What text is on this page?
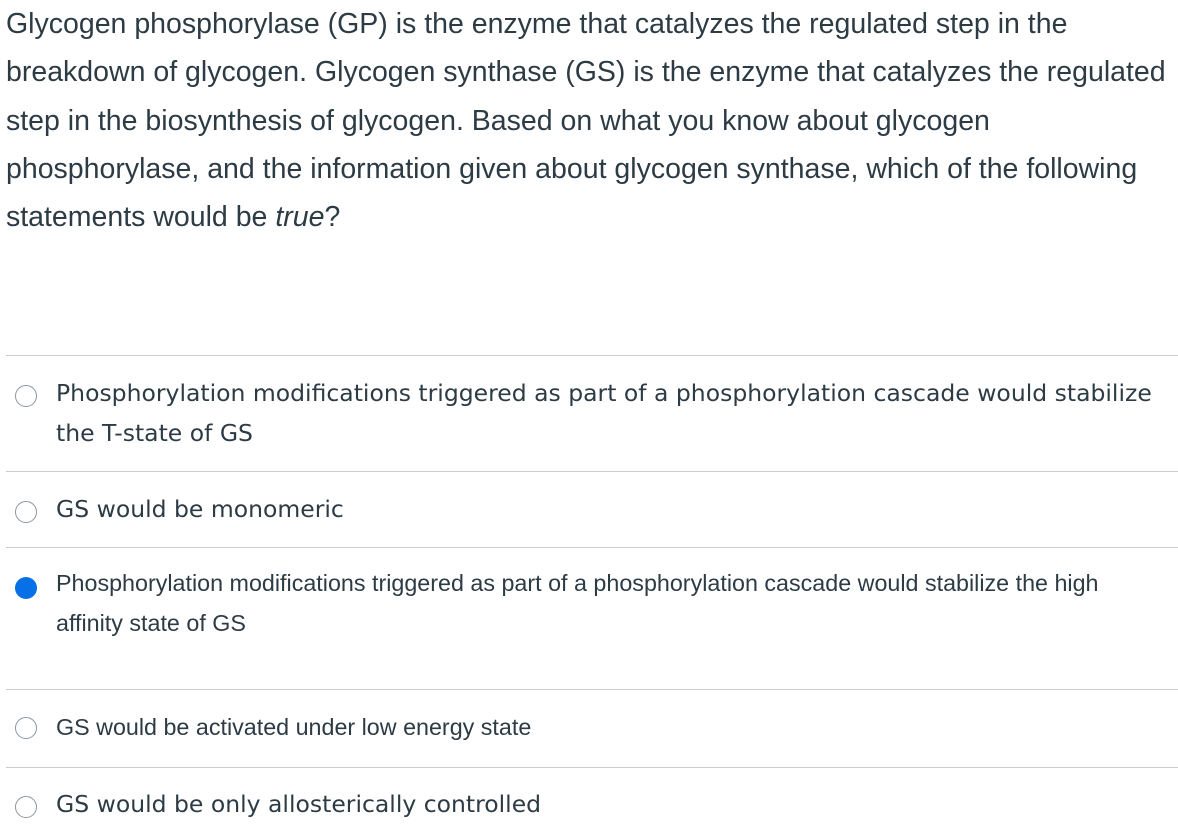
Glycogen phosphorylase (GP) is the enzyme that catalyzes the regulated step in the breakdown of glycogen. Glycogen synthase (GS) is the enzyme that catalyzes the regulated step in the biosynthesis of glycogen. Based on what you know about glycogen phosphorylase, and the information given about glycogen synthase, which of the following statements would be true?

Phosphorylation modifications triggered as part of a phosphorylation cascade would stabilize the T-state of GS
GS would be monomeric
Phosphorylation modifications triggered as part of a phosphorylation cascade would stabilize the high affinity state of GS
GS would be activated under low energy state
GS would be only allosterically controlled
